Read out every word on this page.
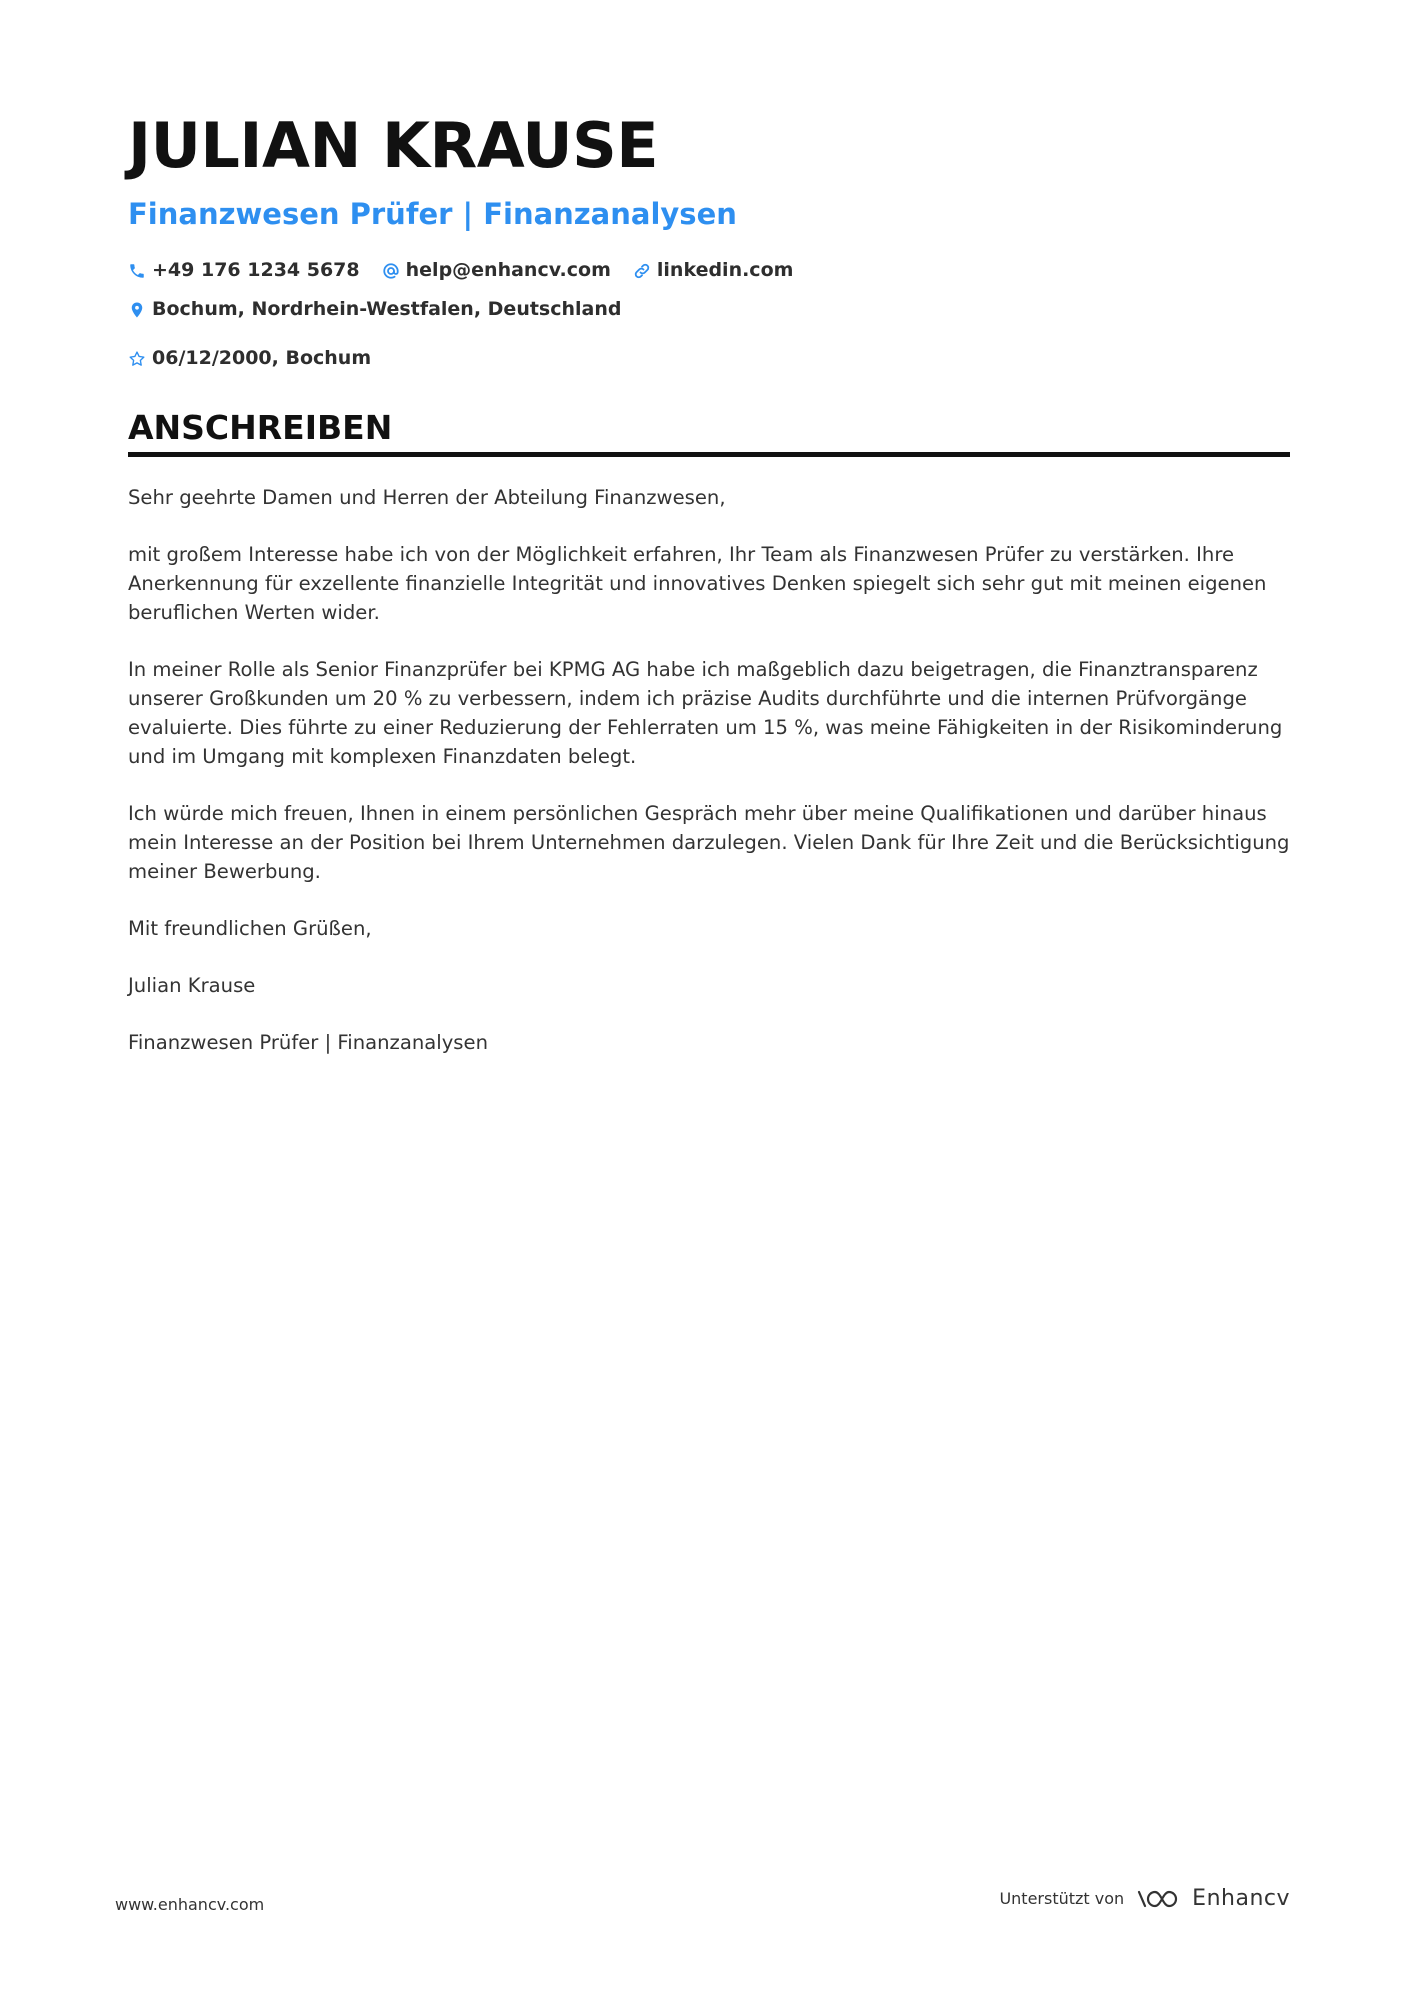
JULIAN KRAUSE
Finanzwesen Prüfer | Finanzanalysen
+49 176 1234 5678 help@enhancv.com linkedin.com
Bochum, Nordrhein-Westfalen, Deutschland
06/12/2000, Bochum
ANSCHREIBEN

Sehr geehrte Damen und Herren der Abteilung Finanzwesen,

mit großem Interesse habe ich von der Möglichkeit erfahren, Ihr Team als Finanzwesen Prüfer zu verstärken. Ihre Anerkennung für exzellente finanzielle Integrität und innovatives Denken spiegelt sich sehr gut mit meinen eigenen beruflichen Werten wider.

In meiner Rolle als Senior Finanzprüfer bei KPMG AG habe ich maßgeblich dazu beigetragen, die Finanztransparenz unserer Großkunden um 20 % zu verbessern, indem ich präzise Audits durchführte und die internen Prüfvorgänge evaluierte. Dies führte zu einer Reduzierung der Fehlerraten um 15 %, was meine Fähigkeiten in der Risikominderung und im Umgang mit komplexen Finanzdaten belegt.

Ich würde mich freuen, Ihnen in einem persönlichen Gespräch mehr über meine Qualifikationen und darüber hinaus mein Interesse an der Position bei Ihrem Unternehmen darzulegen. Vielen Dank für Ihre Zeit und die Berücksichtigung meiner Bewerbung.

Mit freundlichen Grüßen,

Julian Krause

Finanzwesen Prüfer | Finanzanalysen

www.enhancv.com	Unterstützt von	Enhancv
